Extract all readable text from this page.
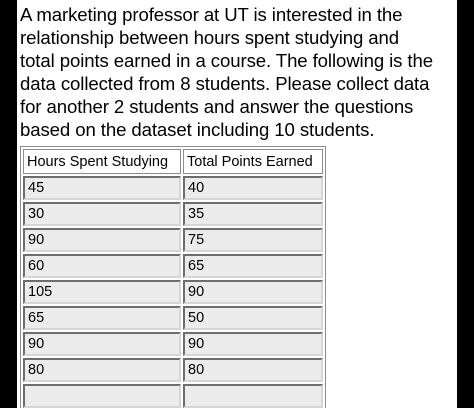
A marketing professor at UT is interested in the
relationship between hours spent studying and
total points earned in a course. The following is the
data collected from 8 students. Please collect data
for another 2 students and answer the questions
based on the dataset including 10 students.

Hours Spent Studying	Total Points Earned
45	40
30	35
90	75
60	65
105	90
65	50
90	90
80	80
